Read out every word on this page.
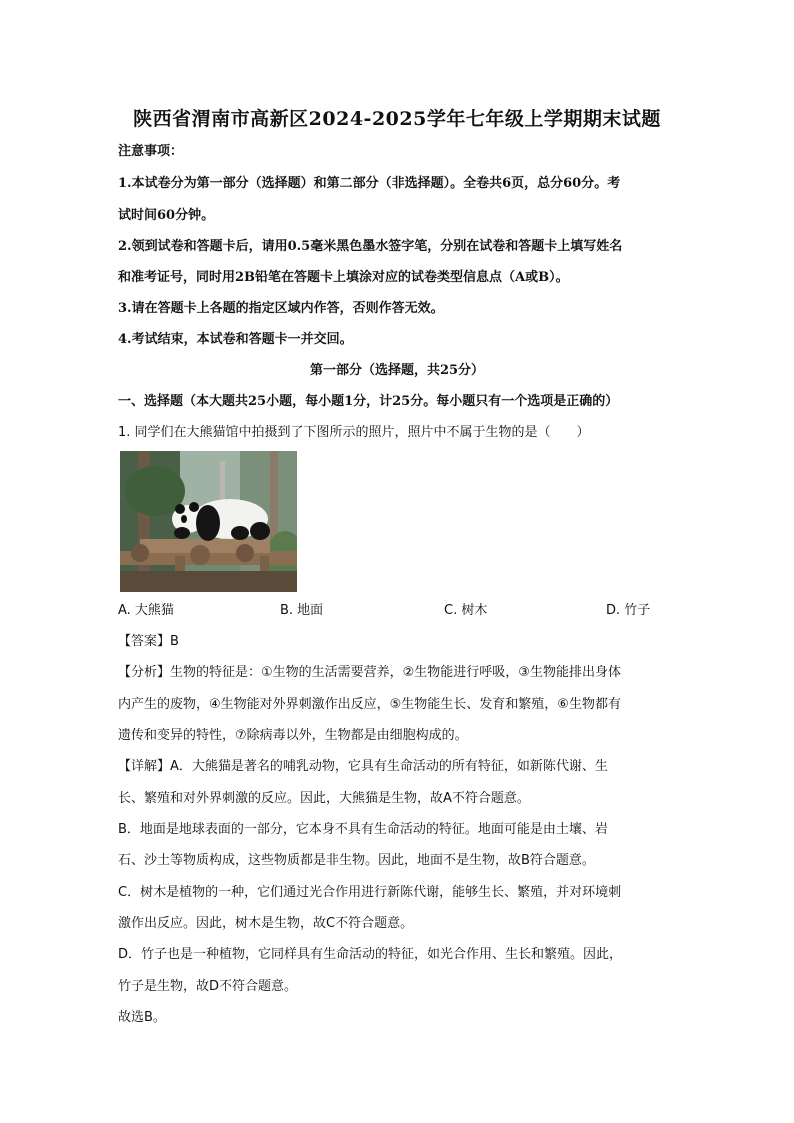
陕西省渭南市高新区2024-2025学年七年级上学期期末试题
注意事项：
1.本试卷分为第一部分（选择题）和第二部分（非选择题）。全卷共6页，总分60分。考
试时间60分钟。
2.领到试卷和答题卡后，请用0.5毫米黑色墨水签字笔，分别在试卷和答题卡上填写姓名
和准考证号，同时用2B铅笔在答题卡上填涂对应的试卷类型信息点（A或B）。
3.请在答题卡上各题的指定区域内作答，否则作答无效。
4.考试结束，本试卷和答题卡一并交回。
第一部分（选择题，共25分）
一、选择题（本大题共25小题，每小题1分，计25分。每小题只有一个选项是正确的）
1. 同学们在大熊猫馆中拍摄到了下图所示的照片，照片中不属于生物的是（　　）
A. 大熊猫	B. 地面	C. 树木	D. 竹子
【答案】B
【分析】生物的特征是：①生物的生活需要营养，②生物能进行呼吸，③生物能排出身体
内产生的废物，④生物能对外界刺激作出反应，⑤生物能生长、发育和繁殖，⑥生物都有
遗传和变异的特性，⑦除病毒以外，生物都是由细胞构成的。
【详解】A．大熊猫是著名的哺乳动物，它具有生命活动的所有特征，如新陈代谢、生
长、繁殖和对外界刺激的反应。因此，大熊猫是生物，故A不符合题意。
B．地面是地球表面的一部分，它本身不具有生命活动的特征。地面可能是由土壤、岩
石、沙土等物质构成，这些物质都是非生物。因此，地面不是生物，故B符合题意。
C．树木是植物的一种，它们通过光合作用进行新陈代谢，能够生长、繁殖，并对环境刺
激作出反应。因此，树木是生物，故C不符合题意。
D．竹子也是一种植物，它同样具有生命活动的特征，如光合作用、生长和繁殖。因此，
竹子是生物，故D不符合题意。
故选B。
